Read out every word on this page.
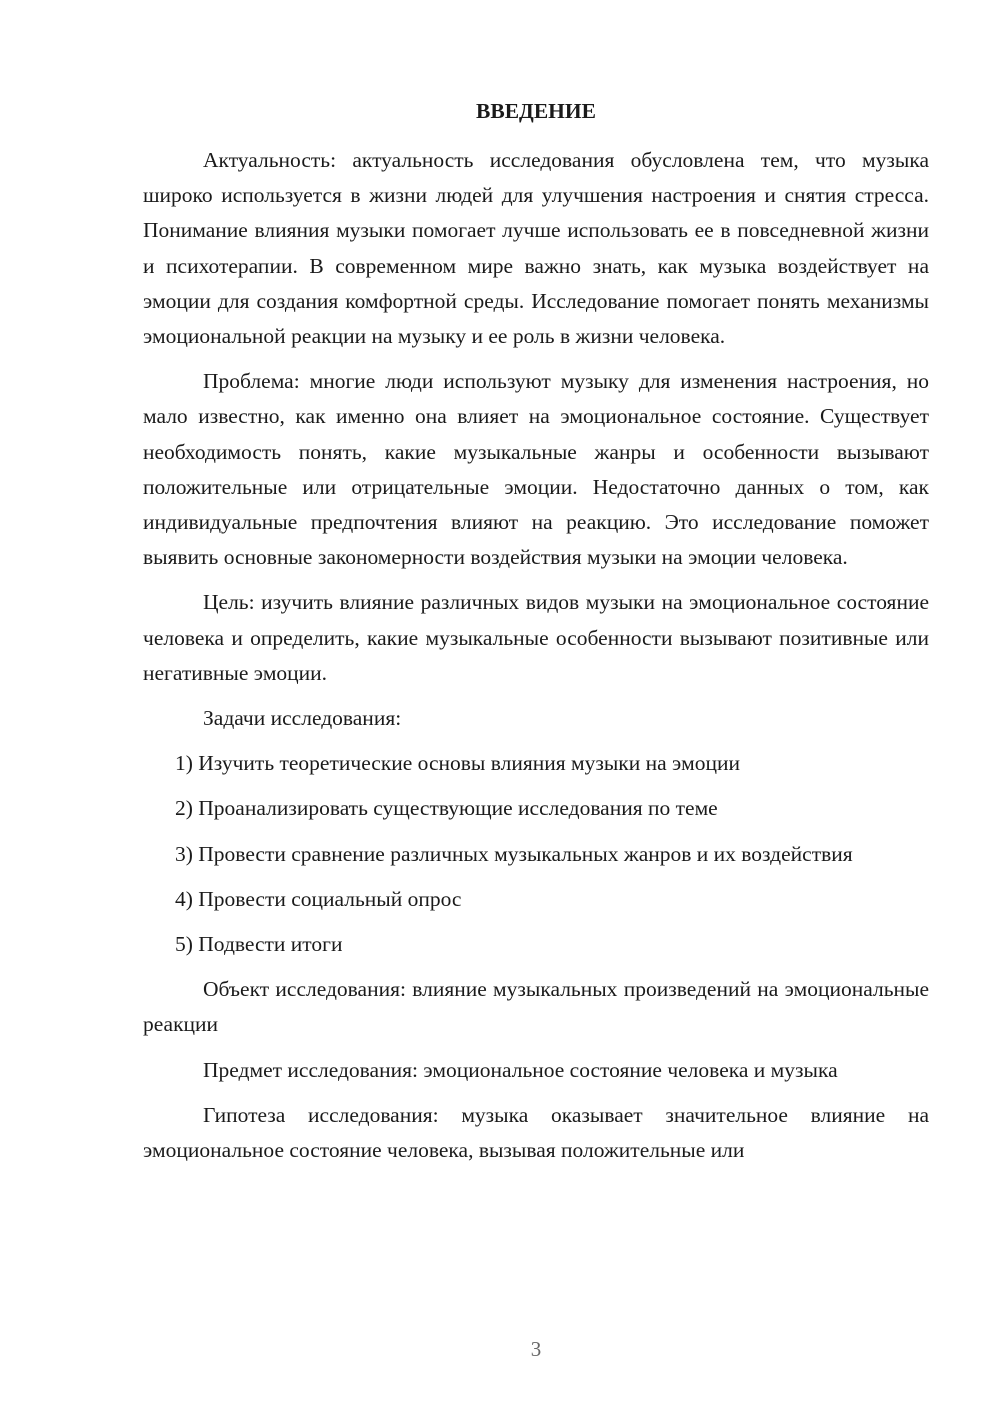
ВВЕДЕНИЕ

Актуальность: актуальность исследования обусловлена тем, что музыка широко используется в жизни людей для улучшения настроения и снятия стресса. Понимание влияния музыки помогает лучше использовать ее в повседневной жизни и психотерапии. В современном мире важно знать, как музыка воздействует на эмоции для создания комфортной среды. Исследование помогает понять механизмы эмоциональной реакции на музыку и ее роль в жизни человека.

Проблема: многие люди используют музыку для изменения настроения, но мало известно, как именно она влияет на эмоциональное состояние. Существует необходимость понять, какие музыкальные жанры и особенности вызывают положительные или отрицательные эмоции. Недостаточно данных о том, как индивидуальные предпочтения влияют на реакцию. Это исследование поможет выявить основные закономерности воздействия музыки на эмоции человека.

Цель: изучить влияние различных видов музыки на эмоциональное состояние человека и определить, какие музыкальные особенности вызывают позитивные или негативные эмоции.

Задачи исследования:

1) Изучить теоретические основы влияния музыки на эмоции

2) Проанализировать существующие исследования по теме

3) Провести сравнение различных музыкальных жанров и их воздействия

4) Провести социальный опрос

5) Подвести итоги

Объект исследования: влияние музыкальных произведений на эмоциональные реакции

Предмет исследования: эмоциональное состояние человека и музыка

Гипотеза исследования: музыка оказывает значительное влияние на эмоциональное состояние человека, вызывая положительные или

3
